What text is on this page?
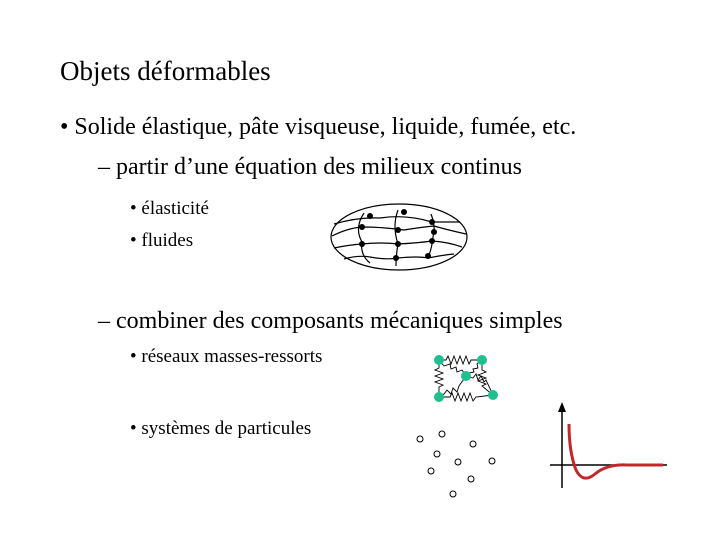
Objets déformables
• Solide élastique, pâte visqueuse, liquide, fumée, etc.
– partir d’une équation des milieux continus
• élasticité
• fluides
– combiner des composants mécaniques simples
• réseaux masses-ressorts
• systèmes de particules
